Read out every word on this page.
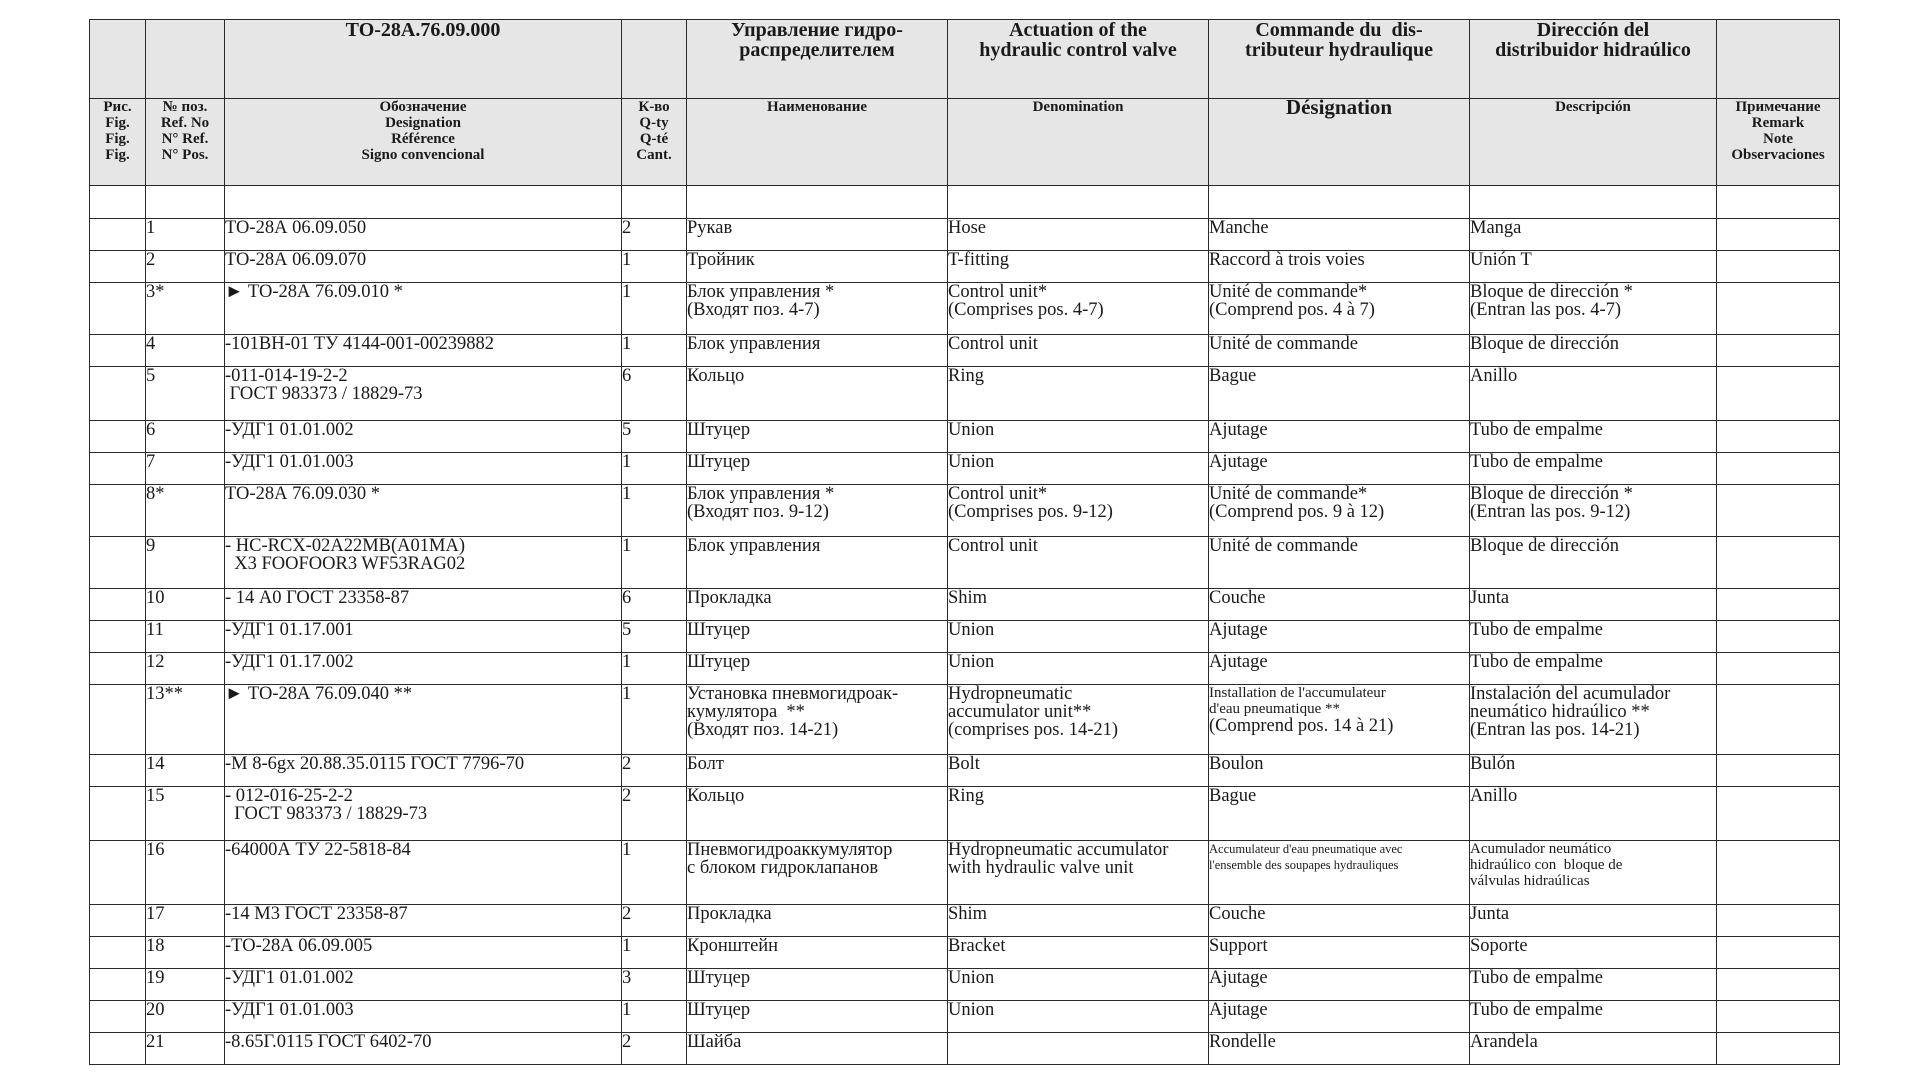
		ТО-28А.76.09.000		Управление гидро-
распределителем	Actuation of the
hydraulic control valve	Commande du  dis-
tributeur hydraulique	Dirección del
distribuidor hidraúlico	

Рис.
Fig.
Fig.
Fig.	№ поз.
Ref. No
N° Ref.
N° Pos.	Обозначение
Designation
Référence
Signo convencional	К-во
Q-ty
Q-té
Cant.	Наименование	Denomination	Désignation	Descripción	Примечание
Remark
Note
Observaciones

	1	ТО-28А 06.09.050	2	Рукав	Hose	Manche	Manga	

	2	ТО-28А 06.09.070	1	Тройник	T-fitting	Raccord à trois voies	Unión T	

	3*	► ТО-28А 76.09.010 *	1	Блок управления *
(Входят поз. 4-7)	Control unit*
(Comprises pos. 4-7)	Unité de commande*
(Comprend pos. 4 à 7)	Bloque de dirección *
(Entran las pos. 4-7)	

	4	-101ВН-01 ТУ 4144-001-00239882	1	Блок управления	Control unit	Unité de commande	Bloque de dirección	

	5	-011-014-19-2-2
ГОСТ 983373 / 18829-73	6	Кольцо	Ring	Bague	Anillo	

	6	-УДГ1 01.01.002	5	Штуцер	Union	Ajutage	Tubo de empalme	

	7	-УДГ1 01.01.003	1	Штуцер	Union	Ajutage	Tubo de empalme	

	8*	ТО-28А 76.09.030 *	1	Блок управления *
(Входят поз. 9-12)	Control unit*
(Comprises pos. 9-12)	Unité de commande*
(Comprend pos. 9 à 12)	Bloque de dirección *
(Entran las pos. 9-12)	

	9	- HC-RCX-02A22MB(A01MA)
X3 FOOFOOR3 WF53RAG02	1	Блок управления	Control unit	Unité de commande	Bloque de dirección	

	10	- 14 А0 ГОСТ 23358-87	6	Прокладка	Shim	Couche	Junta	

	11	-УДГ1 01.17.001	5	Штуцер	Union	Ajutage	Tubo de empalme	

	12	-УДГ1 01.17.002	1	Штуцер	Union	Ajutage	Tubo de empalme	

	13**	► ТО-28А 76.09.040 **	1	Установка пневмогидроак-
кумулятора  **
(Входят поз. 14-21)	Hydropneumatic
accumulator unit**
(comprises pos. 14-21)	Installation de l'accumulateur
d'eau pneumatique **
(Comprend pos. 14 à 21)	Instalación del acumulador
neumático hidraúlico **
(Entran las pos. 14-21)	

	14	-М 8-6gx 20.88.35.0115 ГОСТ 7796-70	2	Болт	Bolt	Boulon	Bulón	

	15	- 012-016-25-2-2
ГОСТ 983373 / 18829-73	2	Кольцо	Ring	Bague	Anillo	

	16	-64000А ТУ 22-5818-84	1	Пневмогидроаккумулятор
с блоком гидроклапанов	Hydropneumatic accumulator
with hydraulic valve unit	Accumulateur d'eau pneumatique avec
l'ensemble des soupapes hydrauliques	Acumulador neumático
hidraúlico con  bloque de
válvulas hidraúlicas	

	17	-14 М3 ГОСТ 23358-87	2	Прокладка	Shim	Couche	Junta	

	18	-ТО-28А 06.09.005	1	Кронштейн	Bracket	Support	Soporte	

	19	-УДГ1 01.01.002	3	Штуцер	Union	Ajutage	Tubo de empalme	

	20	-УДГ1 01.01.003	1	Штуцер	Union	Ajutage	Tubo de empalme	

	21	-8.65Г.0115 ГОСТ 6402-70	2	Шайба		Rondelle	Arandela	
